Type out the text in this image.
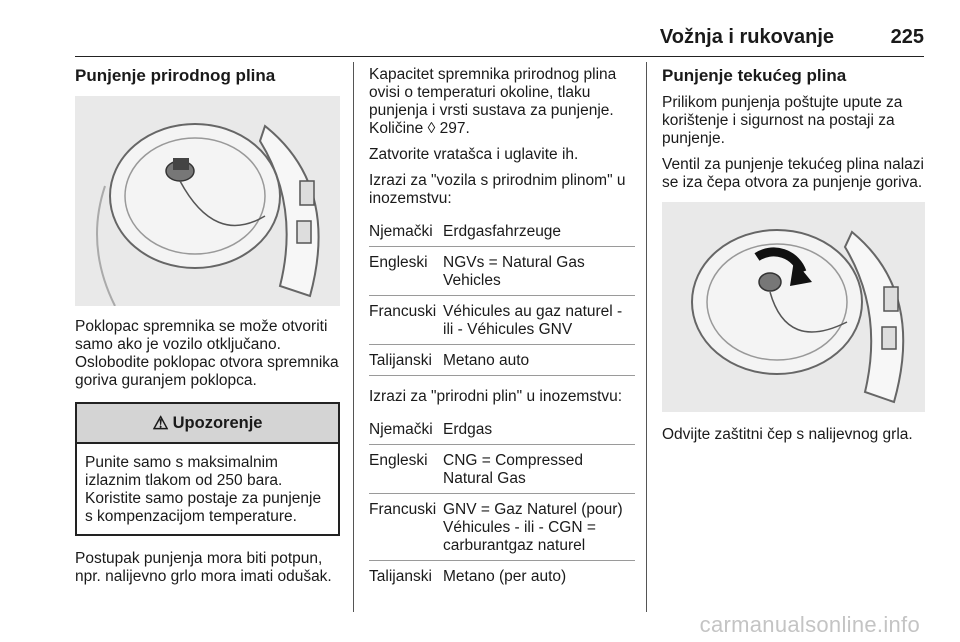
Vožnja i rukovanje	225
Punjenje prirodnog plina

Poklopac spremnika se može otvoriti samo ako je vozilo otključano. Oslobodite poklopac otvora spremnika goriva guranjem poklopca.

⚠ Upozorenje
Punite samo s maksimalnim izlaznim tlakom od 250 bara. Koristite samo postaje za punjenje s kompenzacijom temperature.

Postupak punjenja mora biti potpun, npr. nalijevno grlo mora imati odušak.

Kapacitet spremnika prirodnog plina ovisi o temperaturi okoline, tlaku punjenja i vrsti sustava za punjenje. Količine ◊ 297.

Zatvorite vratašca i uglavite ih.

Izrazi za "vozila s prirodnim plinom" u inozemstvu:

Njemački Erdgasfahrzeuge
Engleski NGVs = Natural Gas Vehicles
Francuski Véhicules au gaz naturel - ili - Véhicules GNV
Talijanski Metano auto

Izrazi za "prirodni plin" u inozemstvu:

Njemački Erdgas
Engleski CNG = Compressed Natural Gas
Francuski GNV = Gaz Naturel (pour) Véhicules - ili - CGN = carburantgaz naturel
Talijanski Metano (per auto)
Punjenje tekućeg plina

Prilikom punjenja poštujte upute za korištenje i sigurnost na postaji za punjenje.

Ventil za punjenje tekućeg plina nalazi se iza čepa otvora za punjenje goriva.

Odvijte zaštitni čep s nalijevnog grla.

carmanualsonline.info
